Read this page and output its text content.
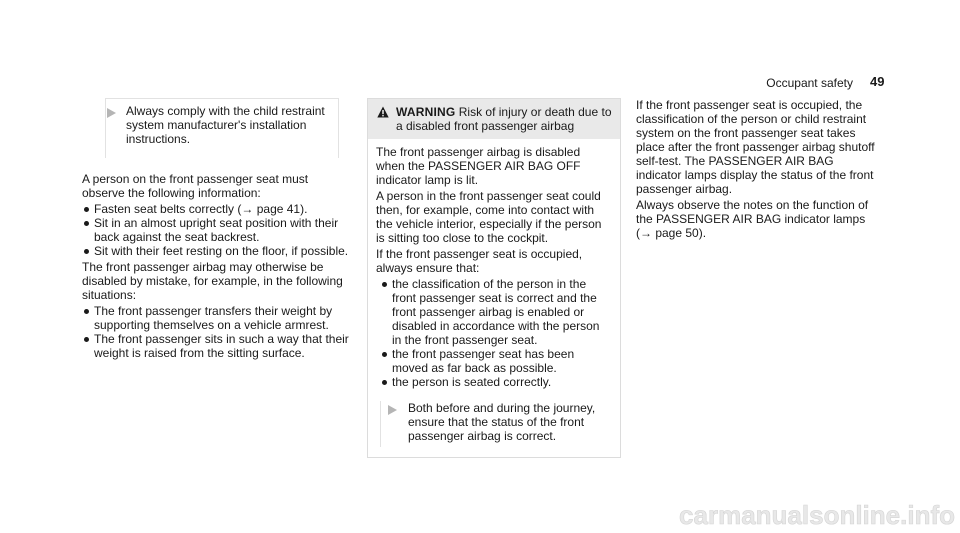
Occupant safety 49
Always comply with the child restraint system manufacturer's installation instructions.

A person on the front passenger seat must observe the following information:

Fasten seat belts correctly (→ page 41).
Sit in an almost upright seat position with their back against the seat backrest.
Sit with their feet resting on the floor, if possible.

The front passenger airbag may otherwise be disabled by mistake, for example, in the following situations:

The front passenger transfers their weight by supporting themselves on a vehicle armrest.
The front passenger sits in such a way that their weight is raised from the sitting surface.
WARNING Risk of injury or death due to a disabled front passenger airbag

The front passenger airbag is disabled when the PASSENGER AIR BAG OFF indicator lamp is lit.

A person in the front passenger seat could then, for example, come into contact with the vehicle interior, especially if the person is sitting too close to the cockpit.

If the front passenger seat is occupied, always ensure that:

the classification of the person in the front passenger seat is correct and the front passenger airbag is enabled or disabled in accordance with the person in the front passenger seat.
the front passenger seat has been moved as far back as possible.
the person is seated correctly.
Both before and during the journey, ensure that the status of the front passenger airbag is correct.

If the front passenger seat is occupied, the classification of the person or child restraint system on the front passenger seat takes place after the front passenger airbag shutoff self-test. The PASSENGER AIR BAG indicator lamps display the status of the front passenger airbag.

Always observe the notes on the function of the PASSENGER AIR BAG indicator lamps (→ page 50).

carmanualsonline.info
